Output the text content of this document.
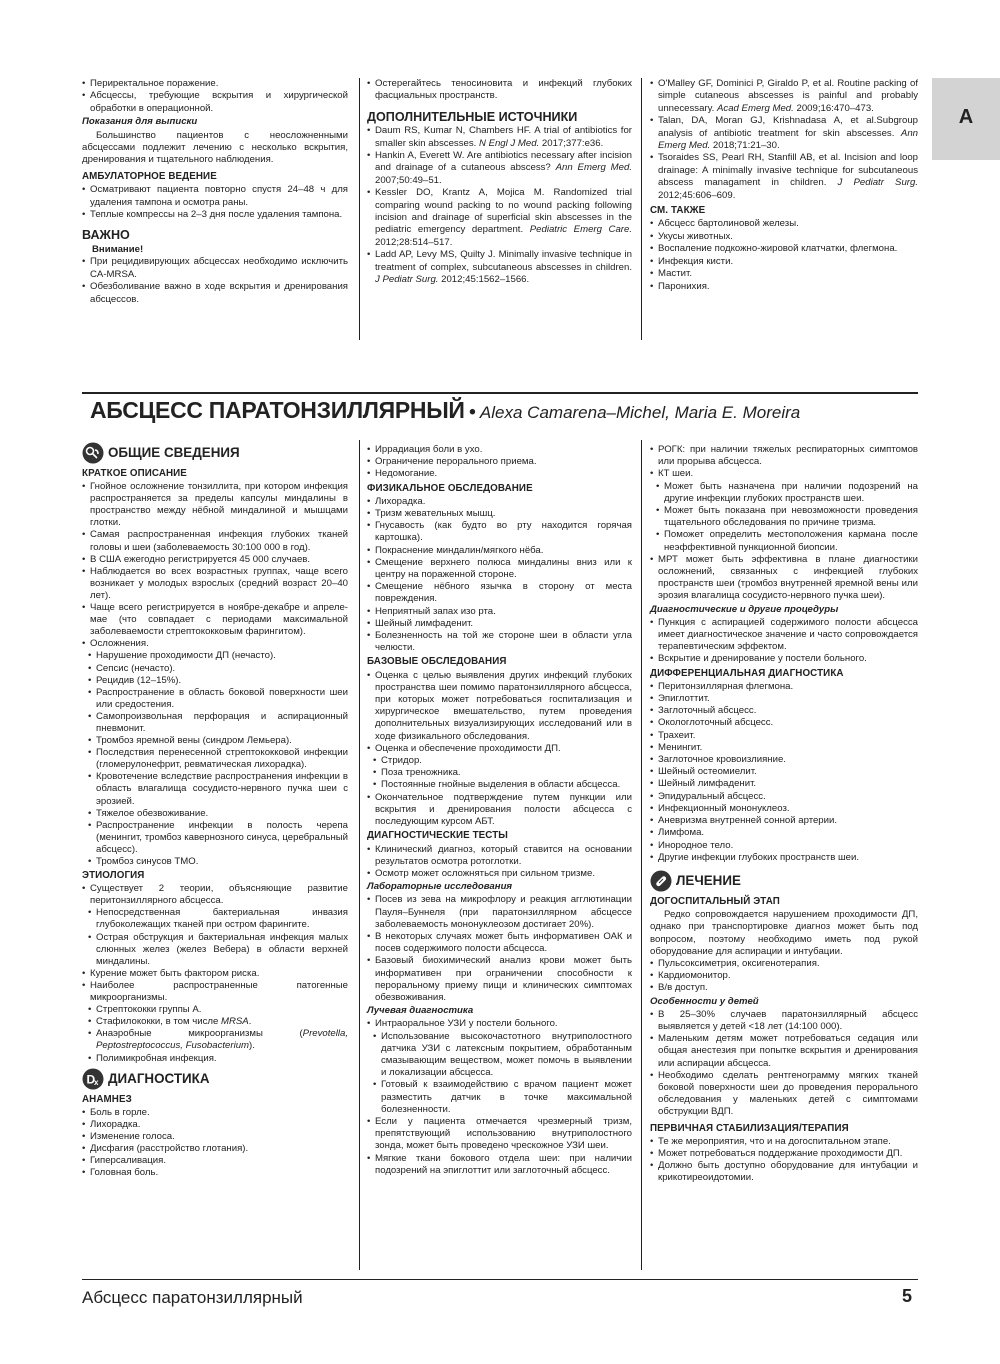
A

• Периректальное поражение.

• Абсцессы, требующие вскрытия и хирургической обработки в операционной.

Показания для выписки

Большинство пациентов с неосложненными абсцессами подлежит лечению с несколько вскрытия, дренирования и тщательного наблюдения.

АМБУЛАТОРНОЕ ВЕДЕНИЕ

• Осматривают пациента повторно спустя 24–48 ч для удаления тампона и осмотра раны.

• Теплые компрессы на 2–3 дня после удаления тампона.

ВАЖНО
Внимание!

• При рецидивирующих абсцессах необходимо исключить CA-MRSA.

• Обезболивание важно в ходе вскрытия и дренирования абсцессов.

• Остерегайтесь теносиновита и инфекций глубоких фасциальных пространств.

ДОПОЛНИТЕЛЬНЫЕ ИСТОЧНИКИ

• Daum RS, Kumar N, Chambers HF. A trial of antibiotics for smaller skin abscesses. N Engl J Med. 2017;377:e36.

• Hankin A, Everett W. Are antibiotics necessary after incision and drainage of a cutaneous abscess? Ann Emerg Med. 2007;50:49–51.

• Kessler DO, Krantz A, Mojica M. Randomized trial comparing wound packing to no wound packing following incision and drainage of superficial skin abscesses in the pediatric emergency department. Pediatric Emerg Care. 2012;28:514–517.

• Ladd AP, Levy MS, Quilty J. Minimally invasive technique in treatment of complex, subcutaneous abscesses in children. J Pediatr Surg. 2012;45:1562–1566.

• O'Malley GF, Dominici P, Giraldo P, et al. Routine packing of simple cutaneous abscesses is painful and probably unnecessary. Acad Emerg Med. 2009;16:470–473.

• Talan, DA, Moran GJ, Krishnadasa A, et al.Subgroup analysis of antibiotic treatment for skin abscesses. Ann Emerg Med. 2018;71:21–30.

• Tsoraides SS, Pearl RH, Stanfill AB, et al. Incision and loop drainage: A minimally invasive technique for subcutaneous abscess managament in children. J Pediatr Surg. 2012;45:606–609.

СМ. ТАКЖЕ

• Абсцесс бартолиновой железы.

• Укусы животных.

• Воспаление подкожно-жировой клатчатки, флегмона.

• Инфекция кисти.

• Мастит.

• Паронихия.

АБСЦЕСС ПАРАТОНЗИЛЛЯРНЫЙ • Alexa Camarena–Michel, Maria E. Moreira
ОБЩИЕ СВЕДЕНИЯ
КРАТКОЕ ОПИСАНИЕ

• Гнойное осложнение тонзиллита, при котором инфекция распространяется за пределы капсулы миндалины в пространство между нёбной миндалиной и мышцами глотки.

• Самая распространенная инфекция глубоких тканей головы и шеи (заболеваемость 30:100 000 в год).

• В США ежегодно регистрируется 45 000 случаев.

• Наблюдается во всех возрастных группах, чаще всего возникает у молодых взрослых (средний возраст 20–40 лет).

• Чаще всего регистрируется в ноябре-декабре и апреле-мае (что совпадает с периодами максимальной заболеваемости стрептококковым фарингитом).

• Осложнения.

• Нарушение проходимости ДП (нечасто).

• Сепсис (нечасто).

• Рецидив (12–15%).

• Распространение в область боковой поверхности шеи или средостения.

• Самопроизвольная перфорация и аспирационный пневмонит.

• Тромбоз яремной вены (синдром Лемьера).

• Последствия перенесенной стрептококковой инфекции (гломерулонефрит, ревматическая лихорадка).

• Кровотечение вследствие распространения инфекции в область влагалища сосудисто-нервного пучка шеи с эрозией.

• Тяжелое обезвоживание.

• Распространение инфекции в полость черепа (менингит, тромбоз кавернозного синуса, церебральный абсцесс).

• Тромбоз синусов ТМО.

ЭТИОЛОГИЯ

• Существует 2 теории, объясняющие развитие перитонзиллярного абсцесса.

• Непосредственная бактериальная инвазия глубоколежащих тканей при остром фарингите.

• Острая обструкция и бактериальная инфекция малых слюнных желез (желез Вебера) в области верхней миндалины.

• Курение может быть фактором риска.

• Наиболее распространенные патогенные микроорганизмы.

• Стрептококки группы А.

• Стафилококки, в том числе MRSA.

• Анаэробные микроорганизмы (Prevotella, Peptostreptococcus, Fusobacterium).

• Полимикробная инфекция.

D
x ДИАГНОСТИКА
АНАМНЕЗ

• Боль в горле.

• Лихорадка.

• Изменение голоса.

• Дисфагия (расстройство глотания).

• Гиперсаливация.

• Головная боль.

• Иррадиация боли в ухо.

• Ограничение перорального приема.

• Недомогание.

ФИЗИКАЛЬНОЕ ОБСЛЕДОВАНИЕ

• Лихорадка.

• Тризм жевательных мышц.

• Гнусавость (как будто во рту находится горячая картошка).

• Покраснение миндалин/мягкого нёба.

• Смещение верхнего полюса миндалины вниз или к центру на пораженной стороне.

• Смещение нёбного язычка в сторону от места повреждения.

• Неприятный запах изо рта.

• Шейный лимфаденит.

• Болезненность на той же стороне шеи в области угла челюсти.

БАЗОВЫЕ ОБСЛЕДОВАНИЯ

• Оценка с целью выявления других инфекций глубоких пространства шеи помимо паратонзиллярного абсцесса, при которых может потребоваться госпитализация и хирургическое вмешательство, путем проведения дополнительных визуализирующих исследований или в ходе физикального обследования.

• Оценка и обеспечение проходимости ДП.

• Стридор.

• Поза треножника.

• Постоянные гнойные выделения в области абсцесса.

• Окончательное подтверждение путем пункции или вскрытия и дренирования полости абсцесса с последующим курсом АБТ.

ДИАГНОСТИЧЕСКИЕ ТЕСТЫ

• Клинический диагноз, который ставится на основании результатов осмотра ротоглотки.

• Осмотр может осложняться при сильном тризме.

Лабораторные исследования

• Посев из зева на микрофлору и реакция агглютинации Пауля–Буннеля (при паратонзиллярном абсцессе заболеваемость мононуклеозом достигает 20%).

• В некоторых случаях может быть информативен ОАК и посев содержимого полости абсцесса.

• Базовый биохимический анализ крови может быть информативен при ограничении способности к пероральному приему пищи и клинических симптомах обезвоживания.

Лучевая диагностика

• Интраоральное УЗИ у постели больного.

• Использование высокочастотного внутриполостного датчика УЗИ с латексным покрытием, обработанным смазывающим веществом, может помочь в выявлении и локализации абсцесса.

• Готовый к взаимодействию с врачом пациент может разместить датчик в точке максимальной болезненности.

• Если у пациента отмечается чрезмерный тризм, препятствующий использованию внутриполостного зонда, может быть проведено чрескожное УЗИ шеи.

• Мягкие ткани бокового отдела шеи: при наличии подозрений на эпиглоттит или заглоточный абсцесс.

• РОГК: при наличии тяжелых респираторных симптомов или прорыва абсцесса.

• КТ шеи.

• Может быть назначена при наличии подозрений на другие инфекции глубоких пространств шеи.

• Может быть показана при невозможности проведения тщательного обследования по причине тризма.

• Поможет определить местоположения кармана после неэффективной пункционной биопсии.

• МРТ может быть эффективна в плане диагностики осложнений, связанных с инфекцией глубоких пространств шеи (тромбоз внутренней яремной вены или эрозия влагалища сосудисто-нервного пучка шеи).

Диагностические и другие процедуры

• Пункция с аспирацией содержимого полости абсцесса имеет диагностическое значение и часто сопровождается терапевтическим эффектом.

• Вскрытие и дренирование у постели больного.

ДИФФЕРЕНЦИАЛЬНАЯ ДИАГНОСТИКА

• Перитонзиллярная флегмона.

• Эпиглоттит.

• Заглоточный абсцесс.

• Окологлоточный абсцесс.

• Трахеит.

• Менингит.

• Заглоточное кровоизлияние.

• Шейный остеомиелит.

• Шейный лимфаденит.

• Эпидуральный абсцесс.

• Инфекционный мононуклеоз.

• Аневризма внутренней сонной артерии.

• Лимфома.

• Инородное тело.

• Другие инфекции глубоких пространств шеи.

ЛЕЧЕНИЕ
ДОГОСПИТАЛЬНЫЙ ЭТАП

Редко сопровождается нарушением проходимости ДП, однако при транспортировке диагноз может быть под вопросом, поэтому необходимо иметь под рукой оборудование для аспирации и интубации.

• Пульсоксиметрия, оксигенотерапия.

• Кардиомонитор.

• В/в доступ.

Особенности у детей

• В 25–30% случаев паратонзиллярный абсцесс выявляется у детей <18 лет (14:100 000).

• Маленьким детям может потребоваться седация или общая анестезия при попытке вскрытия и дренирования или аспирации абсцесса.

• Необходимо сделать рентгенограмму мягких тканей боковой поверхности шеи до проведения перорального обследования у маленьких детей с симптомами обструкции ВДП.

ПЕРВИЧНАЯ СТАБИЛИЗАЦИЯ/ТЕРАПИЯ

• Те же мероприятия, что и на догоспитальном этапе.

• Может потребоваться поддержание проходимости ДП.

• Должно быть доступно оборудование для интубации и крикотиреоидотомии.

Абсцесс паратонзиллярный	5
